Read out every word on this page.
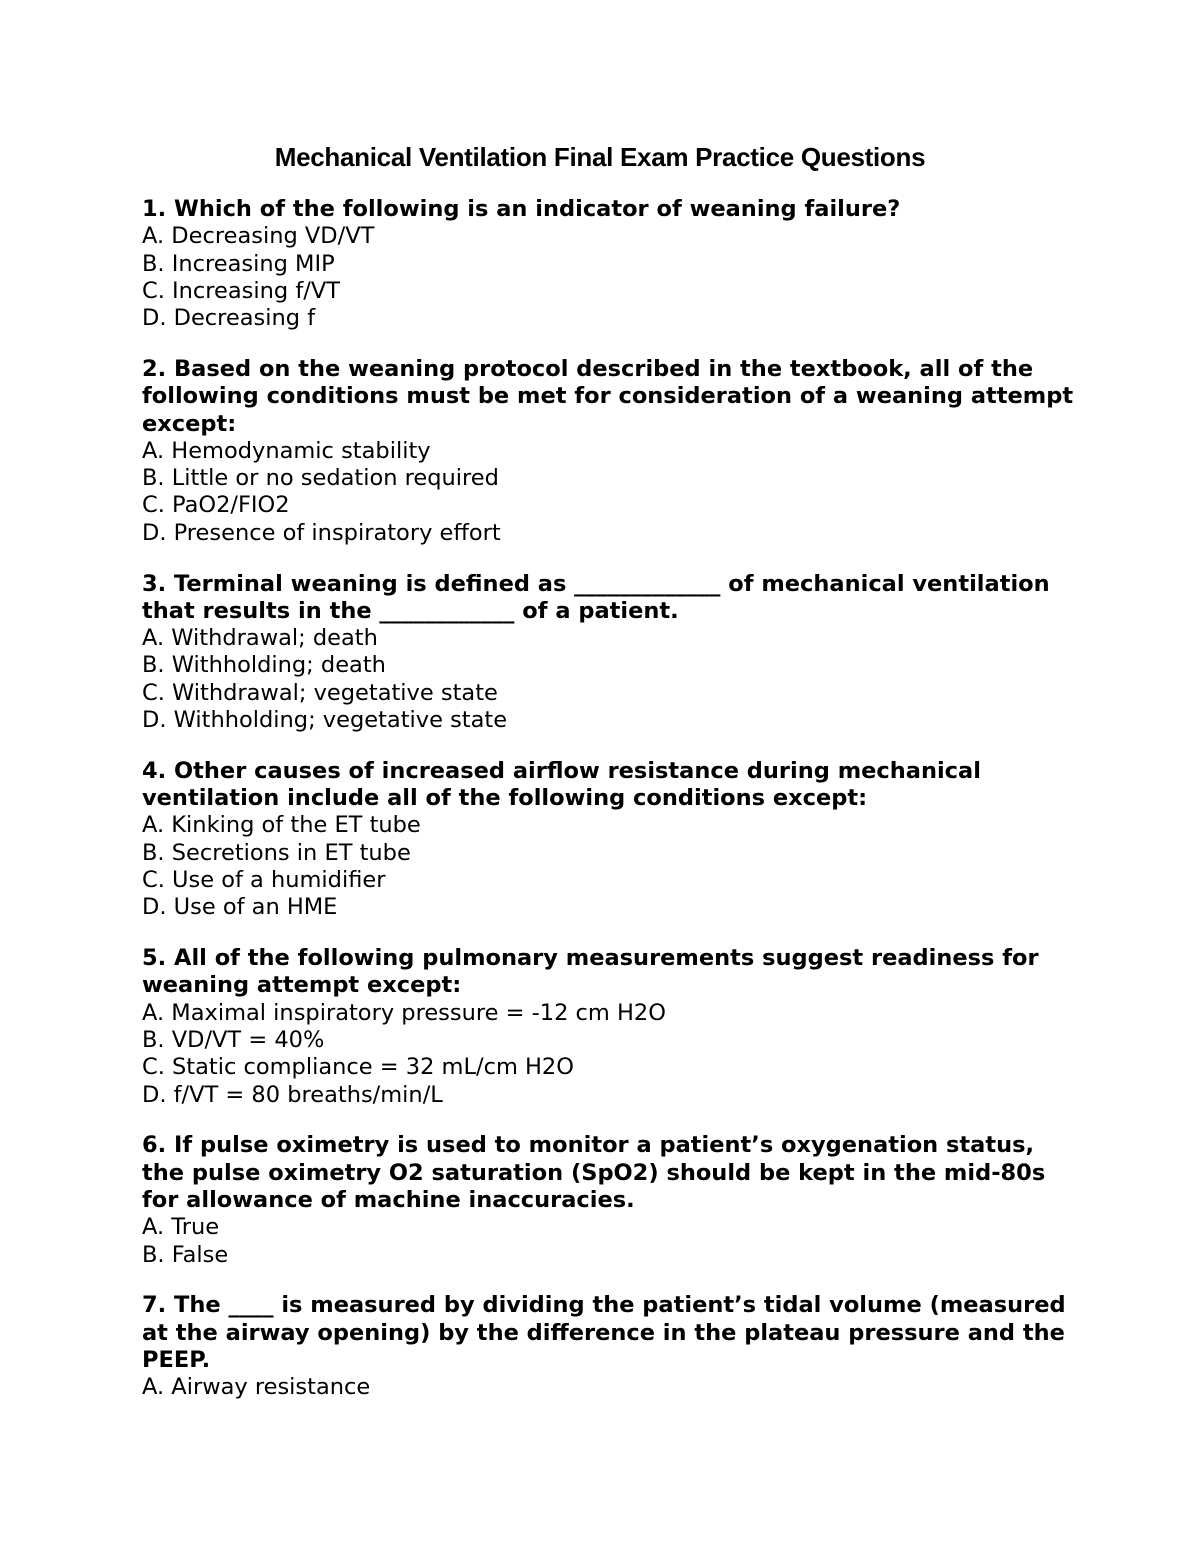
Mechanical Ventilation Final Exam Practice Questions
1. Which of the following is an indicator of weaning failure?
A. Decreasing VD/VT
B. Increasing MIP
C. Increasing f/VT
D. Decreasing f
2. Based on the weaning protocol described in the textbook, all of the following conditions must be met for consideration of a weaning attempt except:
A. Hemodynamic stability
B. Little or no sedation required
C. PaO2/FIO2
D. Presence of inspiratory effort
3. Terminal weaning is defined as _____________ of mechanical ventilation that results in the ____________ of a patient.
A. Withdrawal; death
B. Withholding; death
C. Withdrawal; vegetative state
D. Withholding; vegetative state
4. Other causes of increased airflow resistance during mechanical ventilation include all of the following conditions except:
A. Kinking of the ET tube
B. Secretions in ET tube
C. Use of a humidifier
D. Use of an HME
5. All of the following pulmonary measurements suggest readiness for weaning attempt except:
A. Maximal inspiratory pressure = -12 cm H2O
B. VD/VT = 40%
C. Static compliance = 32 mL/cm H2O
D. f/VT = 80 breaths/min/L
6. If pulse oximetry is used to monitor a patient’s oxygenation status, the pulse oximetry O2 saturation (SpO2) should be kept in the mid-80s for allowance of machine inaccuracies.
A. True
B. False
7. The ____ is measured by dividing the patient’s tidal volume (measured at the airway opening) by the difference in the plateau pressure and the PEEP.
A. Airway resistance
